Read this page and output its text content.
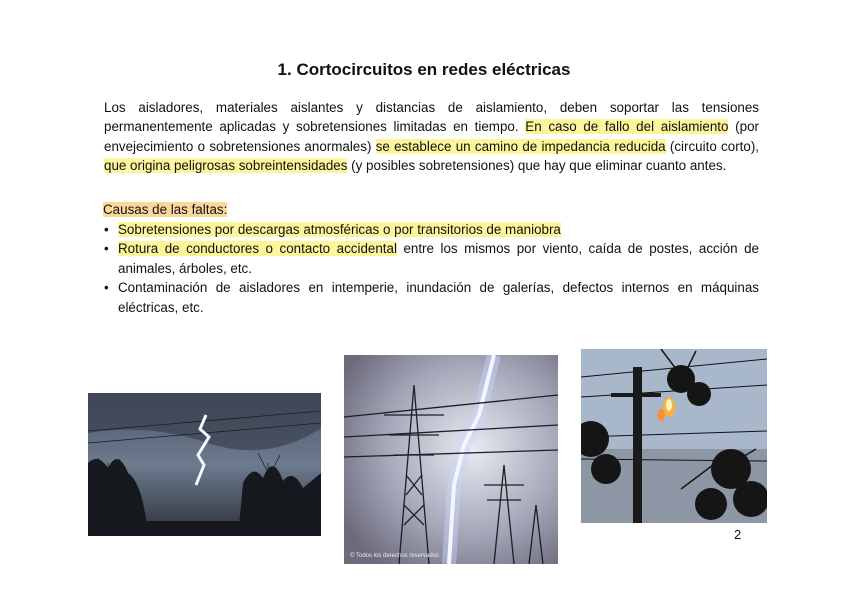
1. Cortocircuitos en redes eléctricas

Los aisladores, materiales aislantes y distancias de aislamiento, deben soportar las tensiones permanentemente aplicadas y sobretensiones limitadas en tiempo. En caso de fallo del aislamiento (por envejecimiento o sobretensiones anormales) se establece un camino de impedancia reducida (circuito corto), que origina peligrosas sobreintensidades (y posibles sobretensiones) que hay que eliminar cuanto antes.

Causas de las faltas:
• Sobretensiones por descargas atmosféricas o por transitorios de maniobra
• Rotura de conductores o contacto accidental entre los mismos por viento, caída de postes, acción de animales, árboles, etc.
• Contaminación de aisladores en intemperie, inundación de galerías, defectos internos en máquinas eléctricas, etc.
© Todos los derechos reservados
2
